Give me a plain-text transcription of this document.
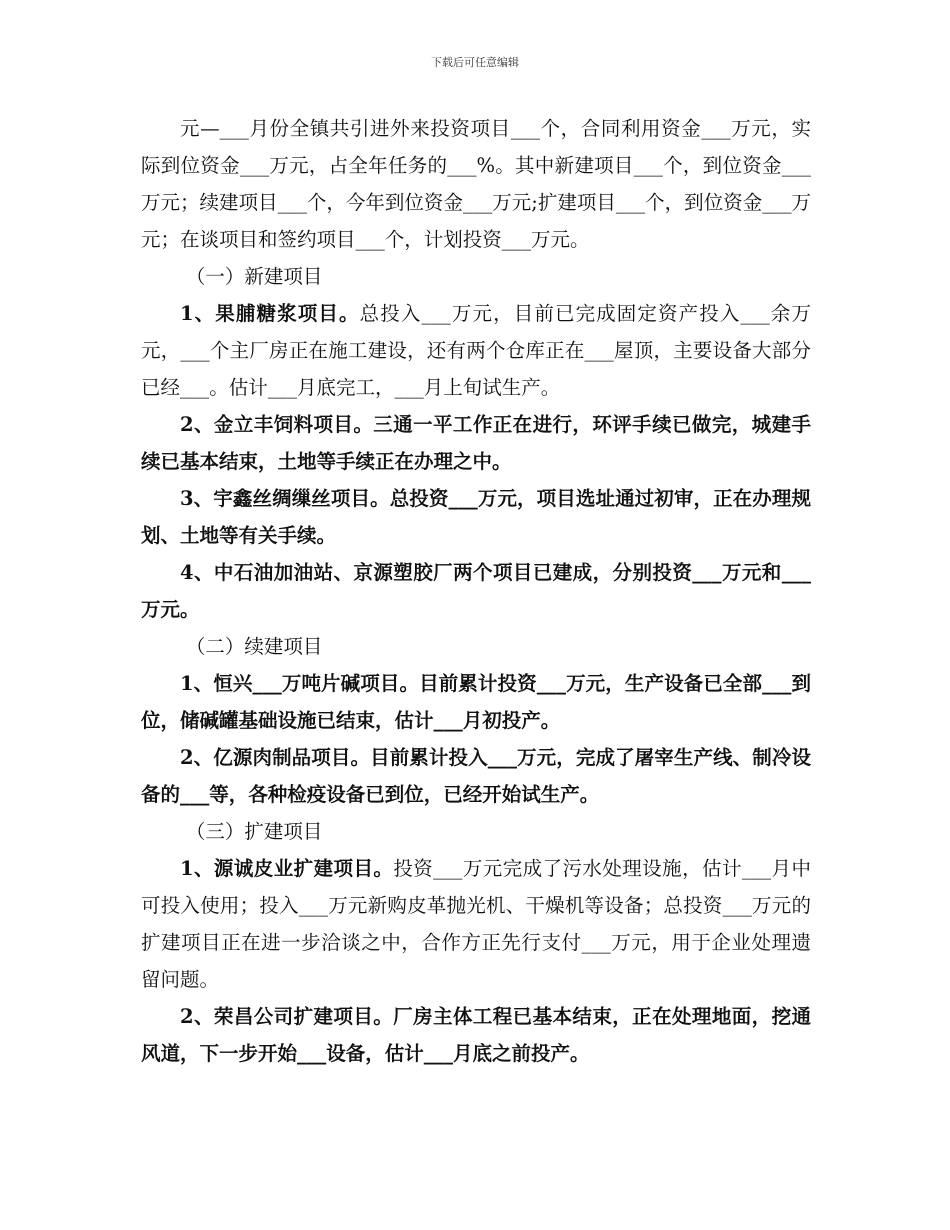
下载后可任意编辑

元—___月份全镇共引进外来投资项目___个，合同利用资金___万元，实际到位资金___万元，占全年任务的___%。其中新建项目___个，到位资金___万元；续建项目___个，今年到位资金___万元;扩建项目___个，到位资金___万元；在谈项目和签约项目___个，计划投资___万元。

（一）新建项目

1、果脯糖浆项目。总投入___万元，目前已完成固定资产投入___余万元，___个主厂房正在施工建设，还有两个仓库正在___屋顶，主要设备大部分已经___。估计___月底完工，___月上旬试生产。

2、金立丰饲料项目。三通一平工作正在进行，环评手续已做完，城建手续已基本结束，土地等手续正在办理之中。

3、宇鑫丝绸缫丝项目。总投资___万元，项目选址通过初审，正在办理规划、土地等有关手续。

4、中石油加油站、京源塑胶厂两个项目已建成，分别投资___万元和___万元。

（二）续建项目

1、恒兴___万吨片碱项目。目前累计投资___万元，生产设备已全部___到位，储碱罐基础设施已结束，估计___月初投产。

2、亿源肉制品项目。目前累计投入___万元，完成了屠宰生产线、制冷设备的___等，各种检疫设备已到位，已经开始试生产。

（三）扩建项目

1、源诚皮业扩建项目。投资___万元完成了污水处理设施，估计___月中可投入使用；投入___万元新购皮革抛光机、干燥机等设备；总投资___万元的扩建项目正在进一步洽谈之中，合作方正先行支付___万元，用于企业处理遗留问题。

2、荣昌公司扩建项目。厂房主体工程已基本结束，正在处理地面，挖通风道，下一步开始___设备，估计___月底之前投产。
